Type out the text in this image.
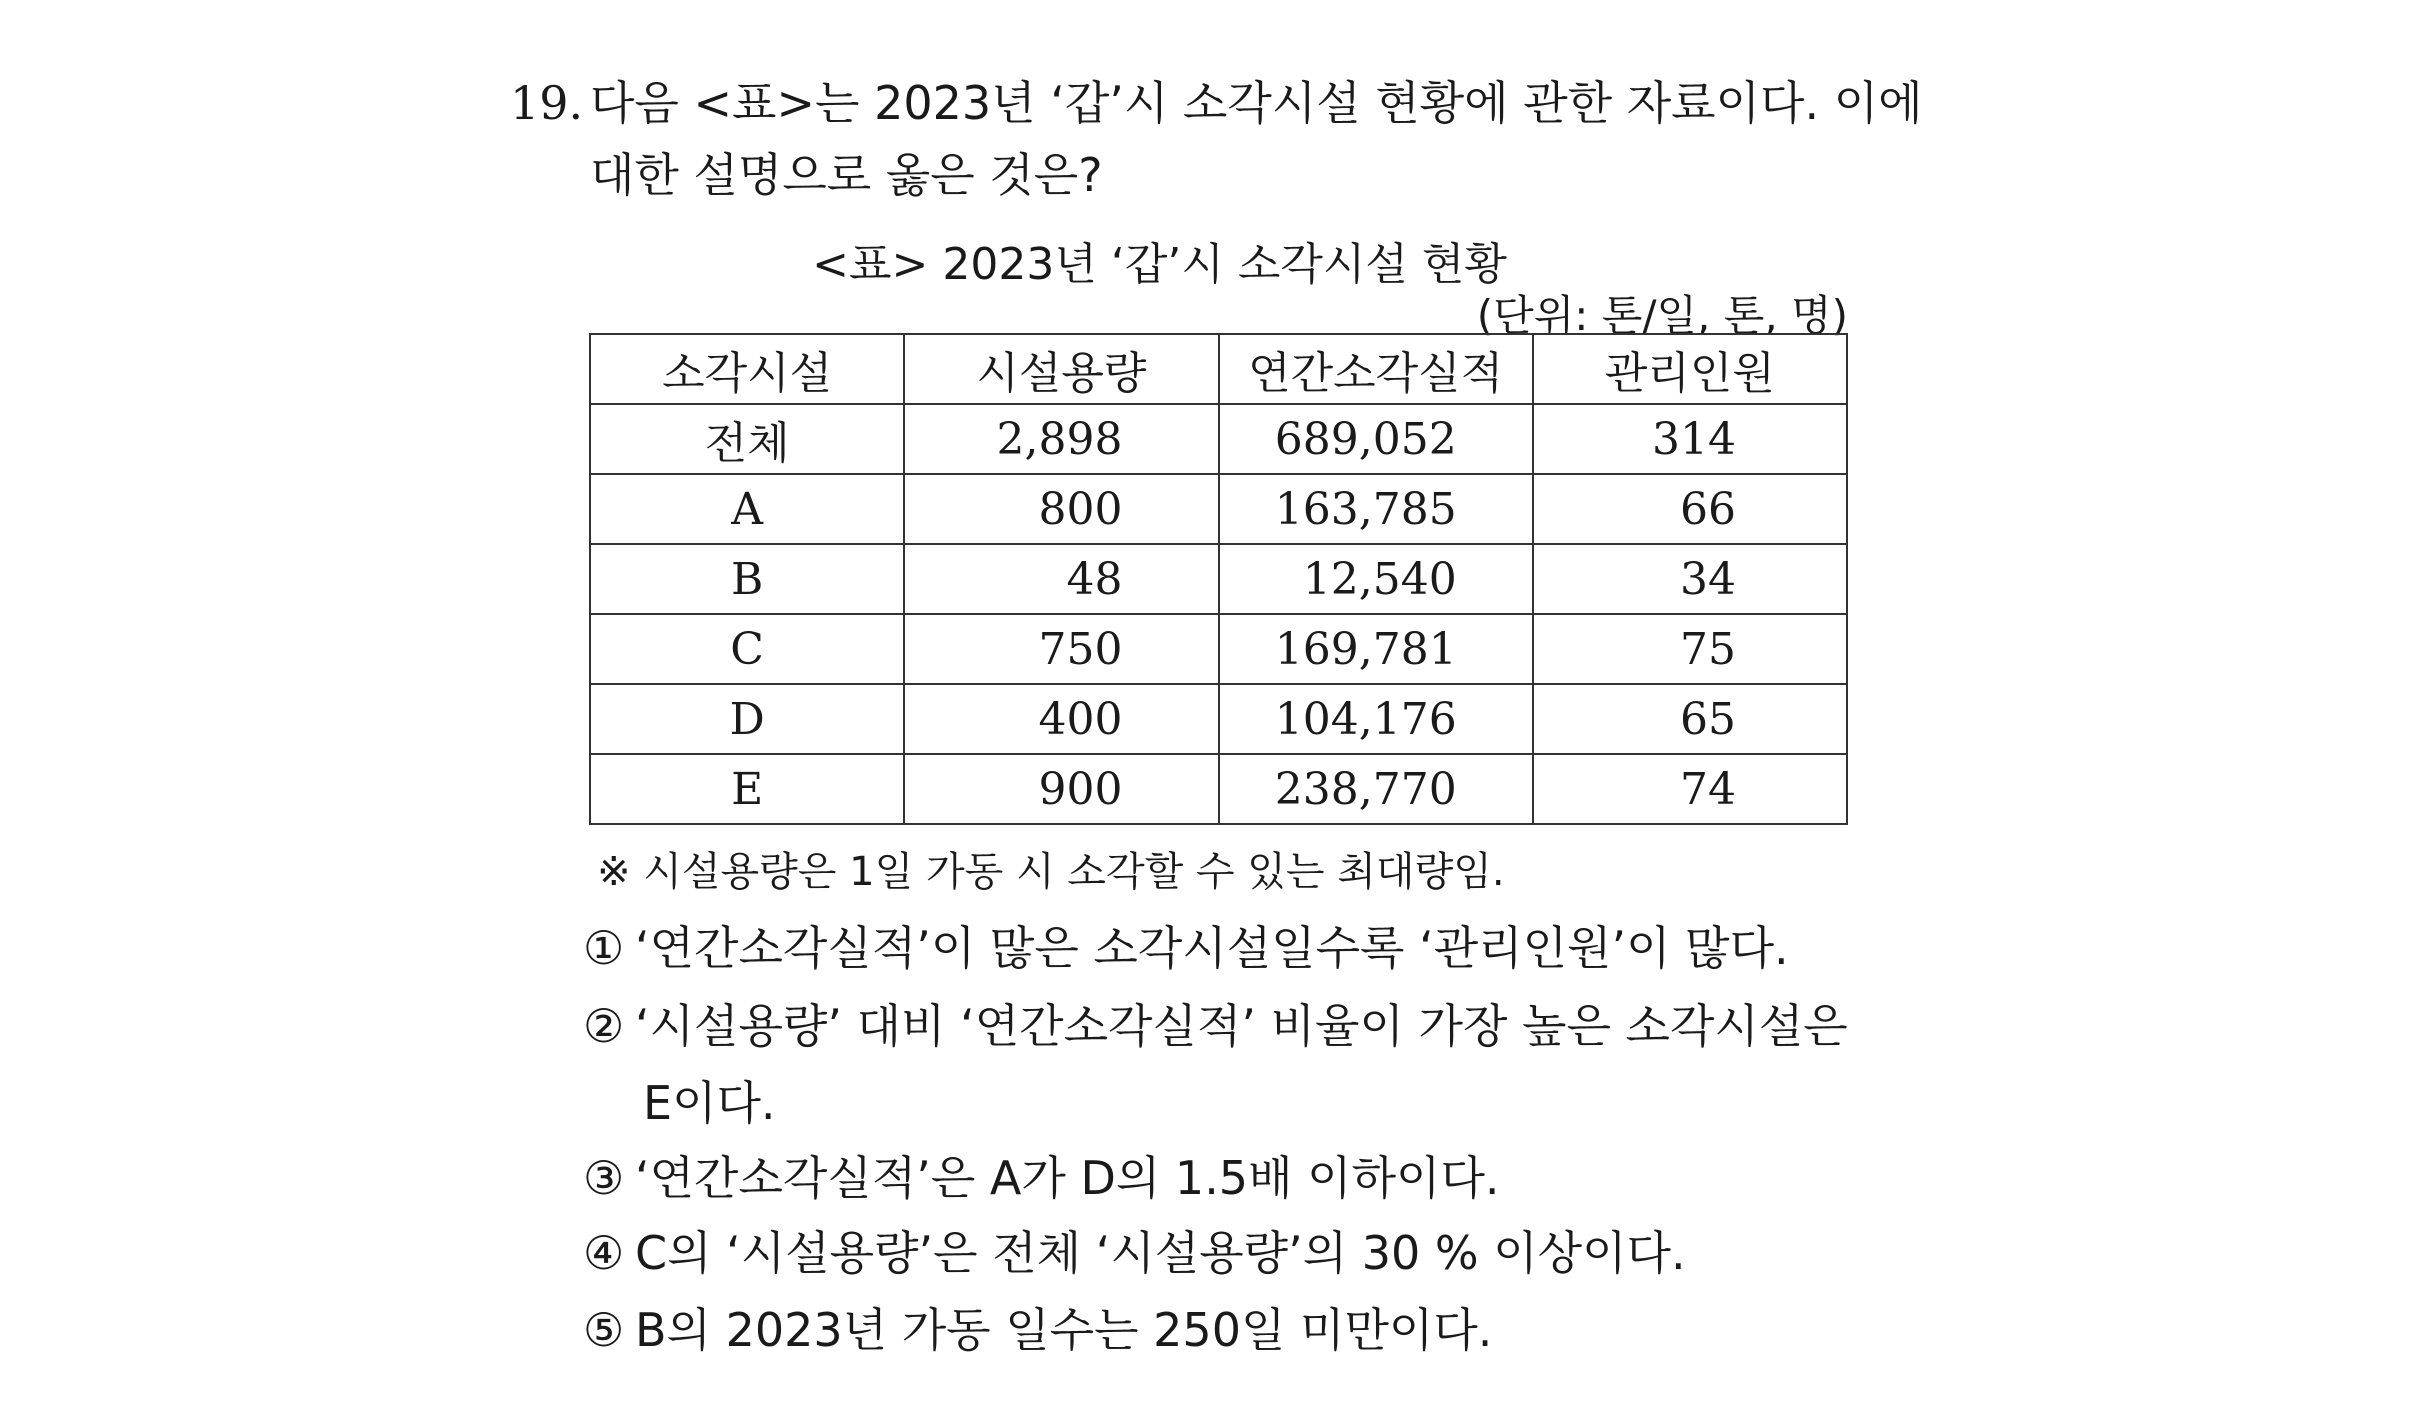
19. 다음 <표>는 2023년 ‘갑’시 소각시설 현황에 관한 자료이다. 이에
대한 설명으로 옳은 것은?
<표> 2023년 ‘갑’시 소각시설 현황
(단위: 톤/일, 톤, 명)
소각시설	시설용량	연간소각실적	관리인원
전체	2,898	689,052	314
A	800	163,785	66
B	48	12,540	34
C	750	169,781	75
D	400	104,176	65
E	900	238,770	74
※ 시설용량은 1일 가동 시 소각할 수 있는 최대량임.
① ‘연간소각실적’이 많은 소각시설일수록 ‘관리인원’이 많다.
② ‘시설용량’ 대비 ‘연간소각실적’ 비율이 가장 높은 소각시설은
E이다.
③ ‘연간소각실적’은 A가 D의 1.5배 이하이다.
④ C의 ‘시설용량’은 전체 ‘시설용량’의 30 % 이상이다.
⑤ B의 2023년 가동 일수는 250일 미만이다.
